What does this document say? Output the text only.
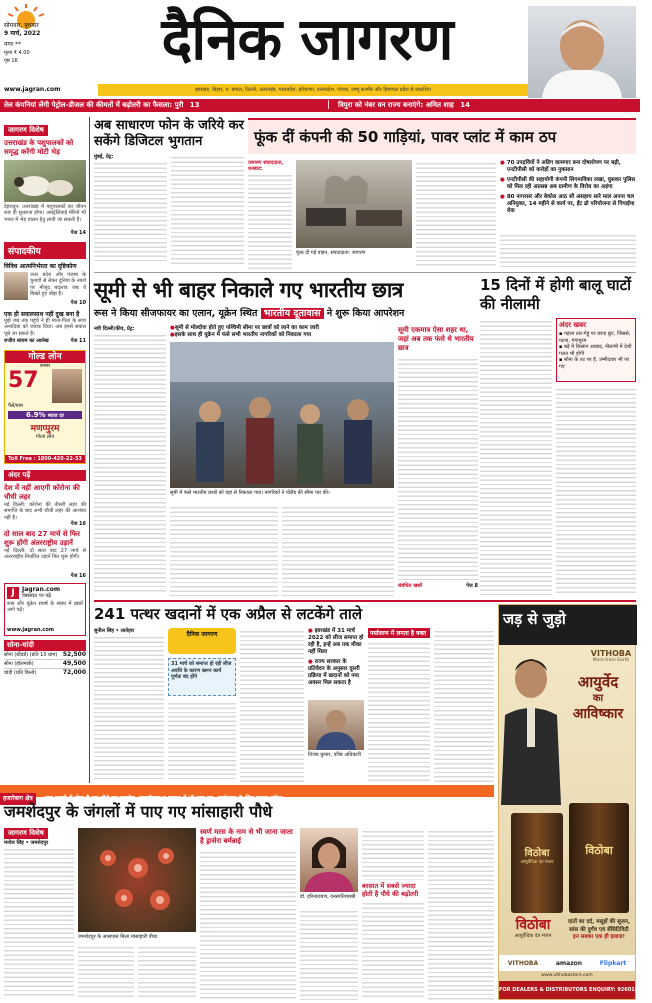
सोमवार, बुधवार
9 मार्च, 2022
नगर **
मूल्य ₹ 4.00
पृष्ठ 16
www.jagran.com
दैनिक जागरण
झारखंड, बिहार, प. बंगाल, दिल्ली, उत्तराखंड, मध्यप्रदेश, हरियाणा, उत्तरप्रदेश, पंजाब, जम्मू कश्मीर और हिमाचल प्रदेश से प्रकाशित
तेल कंपनियां लेंगी पेट्रोल-डीजल की कीमतों में बढ़ोतरी का फैसला: पुरी 13	|	त्रिपुरा को नंबर वन राज्य बनाएंगे: अमित शाह 14
जागरण विशेष
उत्तराखंड के पशुपालकों को समृद्ध करेंगी मोटी भेड़
देहरादून: उत्तराखंड में पशुपालकों का जीवन स्तर ही सुधारना होगा। आस्ट्रेलियाई मेरिनो भी भारत में भेड़ पालन हेतु लायी जा सकती हैं।
पेज 14
संपादकीय
विविध आत्मनिर्भरता का दृष्टिकोण
उत्तर प्रदेश और पंजाब के चुनावों से लेकर दुनिया के नक्शे पर मौजूद बदलाव जब ये बिखरे हुए बोझ है।
पेज 10
एक ही सवालसाथ नहीं दुख बना है
मुझे जब तक पहुंचे ने ही माता-पिता के साथ अन्यदिया को जवाब दिया। अब इनसे सवाल पूछे जा सकते हैं।
राजीव स्वयम का आलेख	पेज 11
गोल्ड लोन
कम्बर
57
पैसे/ग्राम
6.9% ब्याज दर
मणप्पुरम
गोल्ड लोन
Toll Free : 1800-420-22-33
अंदर पढ़ें
देश में नहीं आएगी कोरोना की चौथी लहर
नई दिल्ली: कोरोना की तीसरी लहर की समाप्ति के बाद अभी चौथी लहर की आशंका नहीं है।
पेज 16
दो साल बाद 27 मार्च से फिर शुरू होंगी अंतरराष्ट्रीय उड़ानें
नई दिल्ली: दो साल बाद 27 मार्च से अंतरराष्ट्रीय निर्धारित उड़ानें फिर शुरू होंगी।
पेज 16
J	Jagran.com
वेबसाइट पर पढ़ें
रूस और यूक्रेन संघर्ष के संबंध में ख़बरें आगे पढ़ें।
www.jagran.com
सोना-चांदी
सोना (स्टैंडर्ड) (प्रति 10 ग्राम) 52,500
सोना (हॉलमार्क)	49,500
चांदी (प्रति किलो)	72,000
अब साधारण फोन के जरिये कर सकेंगे डिजिटल भुगतान
मुंबई, प्रेट्र:
फूंक दीं कंपनी की 50 गाड़ियां, पावर प्लांट में काम ठप
जागरण संवाददाता, धनबाद:
फूंक दी गई वाहन, संवाददाता: जागरण
● 70 उपद्रवियों ने अडिग कामगार बना दोषारोपण पर बढ़ी, एनटीपीसी को करोड़ों का नुकसान
● एनटीपीसी की सहायोगी कंपनी सिगमाविका लखा, घुसकर पुलिस को मिल रही अप्रसन्न अब ग्रामीण के विरोध का अड़ंगा
● 80 नागरसर और बेकोल आठ सौ असहाय सारे माल अपना चल अनियुक्त, 14 महीने से कार्य पर, ईंट ढो परियोजना से पिपाईया रोक
सूमी से भी बाहर निकाले गए भारतीय छात्र	15 दिनों में होगी बालू घाटों की नीलामी
रूस ने किया सीजफायर का एलान, यूक्रेन स्थित भारतीय दूतावास ने शुरू किया आपरेशन
नयी दिल्ली/कीव, प्रेट्र:	● सूमी से मोल्दोवा होते हुए पश्चिमी सीमा पर छात्रों को लाने का काम जारी
● इसके साथ ही यूक्रेन में फंसे सभी भारतीय नागरिकों को निकाला गया
सूमी में फंसे भारतीय छात्रों को वहां से निकाला गया। नागरिकों ने पोलैंड की सीमा पार की।
सूमी एकमात्र ऐसा शहर था, जहां अब तक फंसे थे भारतीय छात्र
संबंधित खबरें	पेज 8
अंदर खबर
▪ पहला तार-गेहूं पर छापा छूट, जिससे, पटना, गंगापुरम
▪ बड़े में किसान आबाद, नीलामी में देशी गलत भी होगी
▪ सोना के तट पर है, उम्मीदवार भी पर गए
241 पत्थर खदानों में एक अप्रैल से लटकेंगे ताले
सुनील सिंह • लातेहार	दैनिक जागरण
31 मार्च को समाप्त हो रही लीज अवधि के कारण खनन कार्य पूर्णतः बंद होंगे
● झारखंड में 31 मार्च 2022 को लीज समाप्त हो रही है, इन्हें अब तक मौका नहीं मिला
● राज्य सरकार के प्रतिवेदन के अनुसार दूसरी प्रक्रिया में खदानों को नया अवसर मिल सकता है
विजय कुमार, वरिष्ठ अधिकारी
पर्यावरण में लगता है वक्त
हजारेबाग क्षेत्र दवा बनाने में होता है इस पौधे का उपयोग, हजारीबाग व पलामू में भी पाए गए, पर्यावरण के लिए सुखद संकेत
जमशेदपुर के जंगलों में पाए गए मांसाहारी पौधे
जागरण विशेष
मनोज सिंह • जमशेदपुर
जमशेदपुर के आसपास मिला मांसाहारी पौधा
स्वर्ण मरस के नाम से भी जाना जाता है ड्रासेरा बर्मन्नाई
डॉ. हरिनारायण, वनस्पतिशास्त्री
बरसात में सबसे ज्यादा होती है पौधे की बढ़ोतरी
जड़ से जुड़ो
VITHOBA
More from Earth
आयुर्वेद
का
आविष्कार
विठोबा
आयुर्वेदिक दंत मंजन
विठोबा
विठोबा
आयुर्वेदिक दंत मंजन
दांतों का दर्द, मसूड़ों की सूजन,
सांस की दुर्गंध एवं सेंसिटिविटी
इन सबका एक ही इलाज!
VITHOBA	amazon	Flipkart
www.vithobastore.com
FOR DEALERS & DISTRIBUTORS ENQUIRY: 9260100600
